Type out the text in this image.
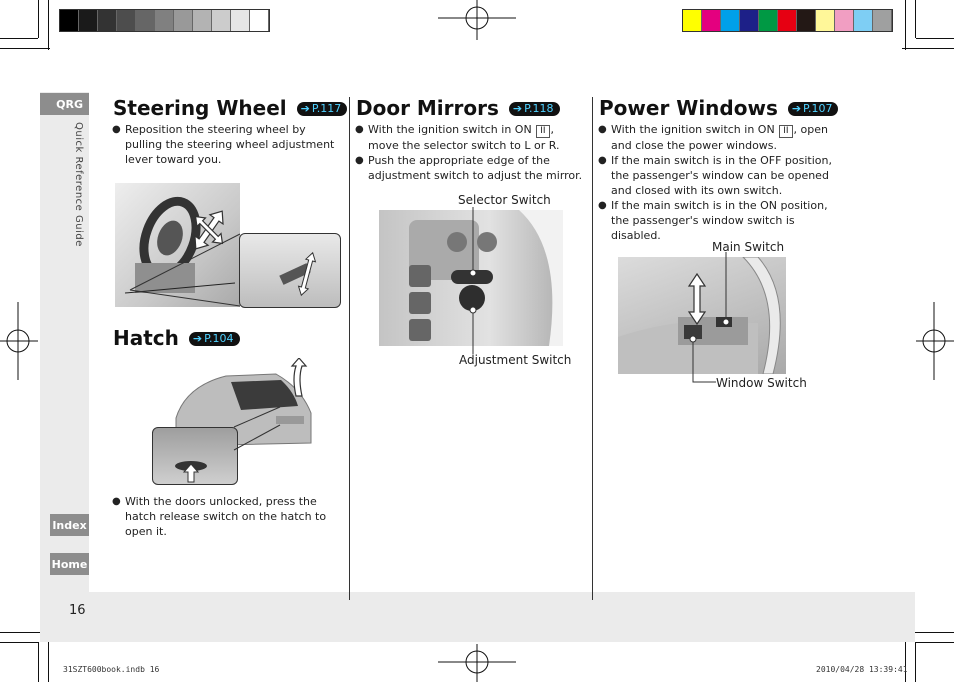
QRG
Quick Reference Guide
Index
Home
16
Steering Wheel ➔ P.117
● Reposition the steering wheel by pulling the steering wheel adjustment lever toward you.
Hatch ➔ P.104
● With the doors unlocked, press the hatch release switch on the hatch to open it.
Door Mirrors ➔ P.118
● With the ignition switch in ON II , move the selector switch to L or R.
● Push the appropriate edge of the adjustment switch to adjust the mirror.
Selector Switch
Adjustment Switch
Power Windows ➔ P.107
● With the ignition switch in ON II , open and close the power windows.
● If the main switch is in the OFF position, the passenger's window can be opened and closed with its own switch.
● If the main switch is in the ON position, the passenger's window switch is disabled.
Main Switch
Window Switch
31SZT600book.indb 16	2010/04/28 13:39:41
